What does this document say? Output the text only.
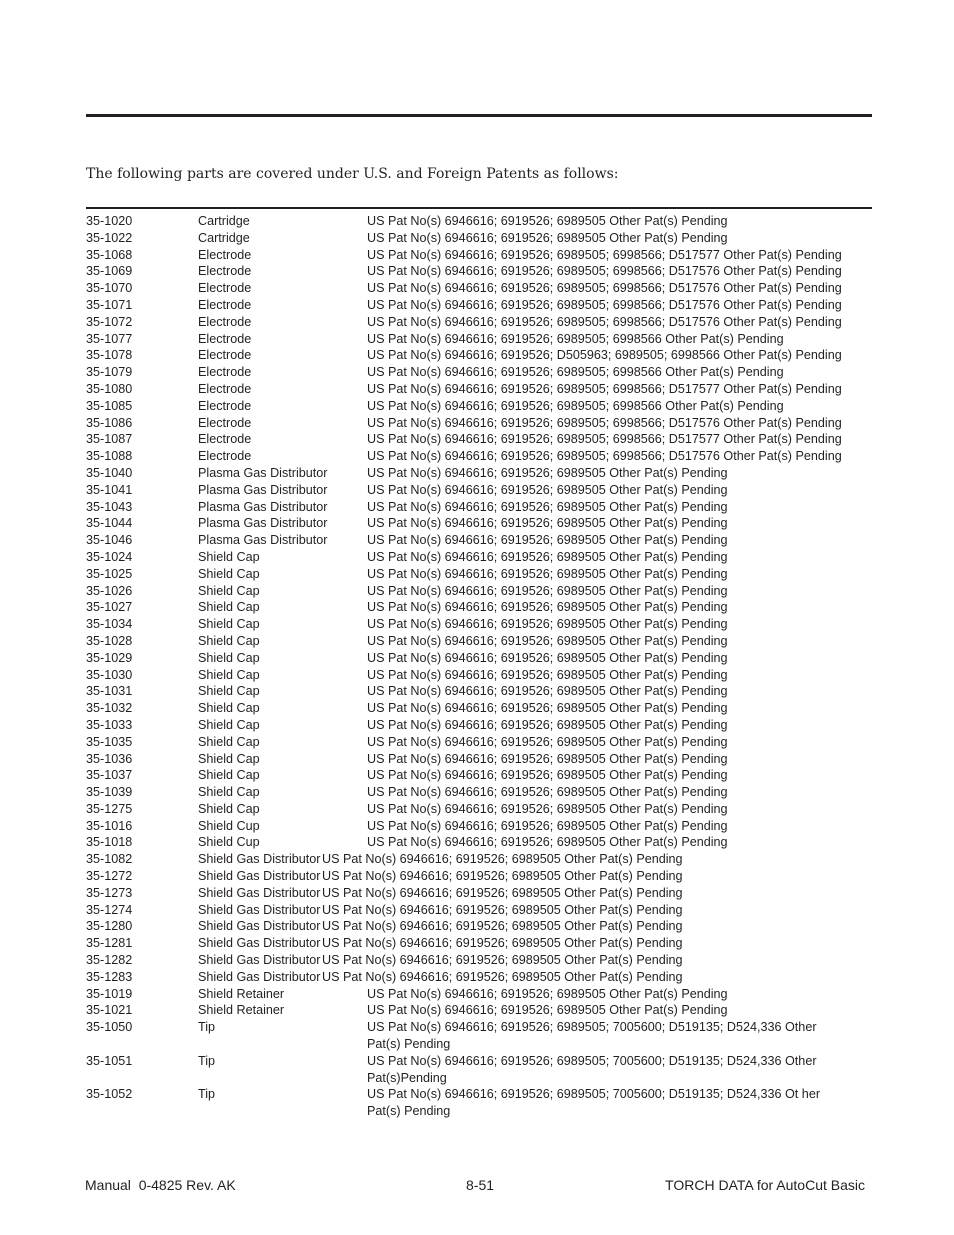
The following parts are covered under U.S. and Foreign Patents as follows:
35-1020	Cartridge	US Pat No(s) 6946616; 6919526; 6989505 Other Pat(s) Pending
35-1022	Cartridge	US Pat No(s) 6946616; 6919526; 6989505 Other Pat(s) Pending
35-1068	Electrode	US Pat No(s) 6946616; 6919526; 6989505; 6998566; D517577 Other Pat(s) Pending
35-1069	Electrode	US Pat No(s) 6946616; 6919526; 6989505; 6998566; D517576 Other Pat(s) Pending
35-1070	Electrode	US Pat No(s) 6946616; 6919526; 6989505; 6998566; D517576 Other Pat(s) Pending
35-1071	Electrode	US Pat No(s) 6946616; 6919526; 6989505; 6998566; D517576 Other Pat(s) Pending
35-1072	Electrode	US Pat No(s) 6946616; 6919526; 6989505; 6998566; D517576 Other Pat(s) Pending
35-1077	Electrode	US Pat No(s) 6946616; 6919526; 6989505; 6998566 Other Pat(s) Pending
35-1078	Electrode	US Pat No(s) 6946616; 6919526; D505963; 6989505; 6998566 Other Pat(s) Pending
35-1079	Electrode	US Pat No(s) 6946616; 6919526; 6989505; 6998566 Other Pat(s) Pending
35-1080	Electrode	US Pat No(s) 6946616; 6919526; 6989505; 6998566; D517577 Other Pat(s) Pending
35-1085	Electrode	US Pat No(s) 6946616; 6919526; 6989505; 6998566 Other Pat(s) Pending
35-1086	Electrode	US Pat No(s) 6946616; 6919526; 6989505; 6998566; D517576 Other Pat(s) Pending
35-1087	Electrode	US Pat No(s) 6946616; 6919526; 6989505; 6998566; D517577 Other Pat(s) Pending
35-1088	Electrode	US Pat No(s) 6946616; 6919526; 6989505; 6998566; D517576 Other Pat(s) Pending
35-1040	Plasma Gas Distributor	US Pat No(s) 6946616; 6919526; 6989505 Other Pat(s) Pending
35-1041	Plasma Gas Distributor	US Pat No(s) 6946616; 6919526; 6989505 Other Pat(s) Pending
35-1043	Plasma Gas Distributor	US Pat No(s) 6946616; 6919526; 6989505 Other Pat(s) Pending
35-1044	Plasma Gas Distributor	US Pat No(s) 6946616; 6919526; 6989505 Other Pat(s) Pending
35-1046	Plasma Gas Distributor	US Pat No(s) 6946616; 6919526; 6989505 Other Pat(s) Pending
35-1024	Shield Cap	US Pat No(s) 6946616; 6919526; 6989505 Other Pat(s) Pending
35-1025	Shield Cap	US Pat No(s) 6946616; 6919526; 6989505 Other Pat(s) Pending
35-1026	Shield Cap	US Pat No(s) 6946616; 6919526; 6989505 Other Pat(s) Pending
35-1027	Shield Cap	US Pat No(s) 6946616; 6919526; 6989505 Other Pat(s) Pending
35-1034	Shield Cap	US Pat No(s) 6946616; 6919526; 6989505 Other Pat(s) Pending
35-1028	Shield Cap	US Pat No(s) 6946616; 6919526; 6989505 Other Pat(s) Pending
35-1029	Shield Cap	US Pat No(s) 6946616; 6919526; 6989505 Other Pat(s) Pending
35-1030	Shield Cap	US Pat No(s) 6946616; 6919526; 6989505 Other Pat(s) Pending
35-1031	Shield Cap	US Pat No(s) 6946616; 6919526; 6989505 Other Pat(s) Pending
35-1032	Shield Cap	US Pat No(s) 6946616; 6919526; 6989505 Other Pat(s) Pending
35-1033	Shield Cap	US Pat No(s) 6946616; 6919526; 6989505 Other Pat(s) Pending
35-1035	Shield Cap	US Pat No(s) 6946616; 6919526; 6989505 Other Pat(s) Pending
35-1036	Shield Cap	US Pat No(s) 6946616; 6919526; 6989505 Other Pat(s) Pending
35-1037	Shield Cap	US Pat No(s) 6946616; 6919526; 6989505 Other Pat(s) Pending
35-1039	Shield Cap	US Pat No(s) 6946616; 6919526; 6989505 Other Pat(s) Pending
35-1275	Shield Cap	US Pat No(s) 6946616; 6919526; 6989505 Other Pat(s) Pending
35-1016	Shield Cup	US Pat No(s) 6946616; 6919526; 6989505 Other Pat(s) Pending
35-1018	Shield Cup	US Pat No(s) 6946616; 6919526; 6989505 Other Pat(s) Pending
35-1082	Shield Gas Distributor US Pat No(s) 6946616; 6919526; 6989505 Other Pat(s) Pending
35-1272	Shield Gas Distributor US Pat No(s) 6946616; 6919526; 6989505 Other Pat(s) Pending
35-1273	Shield Gas Distributor US Pat No(s) 6946616; 6919526; 6989505 Other Pat(s) Pending
35-1274	Shield Gas Distributor US Pat No(s) 6946616; 6919526; 6989505 Other Pat(s) Pending
35-1280	Shield Gas Distributor US Pat No(s) 6946616; 6919526; 6989505 Other Pat(s) Pending
35-1281	Shield Gas Distributor US Pat No(s) 6946616; 6919526; 6989505 Other Pat(s) Pending
35-1282	Shield Gas Distributor US Pat No(s) 6946616; 6919526; 6989505 Other Pat(s) Pending
35-1283	Shield Gas Distributor US Pat No(s) 6946616; 6919526; 6989505 Other Pat(s) Pending
35-1019	Shield Retainer	US Pat No(s) 6946616; 6919526; 6989505 Other Pat(s) Pending
35-1021	Shield Retainer	US Pat No(s) 6946616; 6919526; 6989505 Other Pat(s) Pending
35-1050	Tip	US Pat No(s) 6946616; 6919526; 6989505; 7005600; D519135; D524,336 Other Pat(s) Pending
35-1051	Tip	US Pat No(s) 6946616; 6919526; 6989505; 7005600; D519135; D524,336 Other Pat(s)Pending
35-1052	Tip	US Pat No(s) 6946616; 6919526; 6989505; 7005600; D519135; D524,336 Ot her Pat(s) Pending
Manual  0-4825 Rev. AK	8-51	TORCH DATA for AutoCut Basic
